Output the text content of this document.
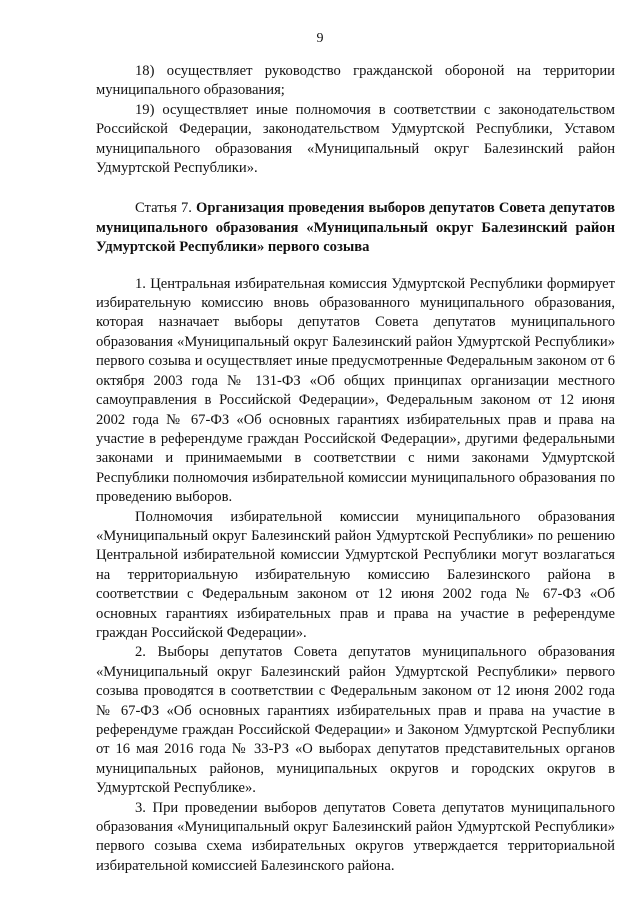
9

18) осуществляет руководство гражданской обороной на территории муниципального образования;

19) осуществляет иные полномочия в соответствии с законодательством Российской Федерации, законодательством Удмуртской Республики, Уставом муниципального образования «Муниципальный округ Балезинский район Удмуртской Республики».

Статья 7. Организация проведения выборов депутатов Совета депутатов муниципального образования «Муниципальный округ Балезинский район Удмуртской Республики» первого созыва

1. Центральная избирательная комиссия Удмуртской Республики формирует избирательную комиссию вновь образованного муниципального образования, которая назначает выборы депутатов Совета депутатов муниципального образования «Муниципальный округ Балезинский район Удмуртской Республики» первого созыва и осуществляет иные предусмотренные Федеральным законом от 6 октября 2003 года № 131-ФЗ «Об общих принципах организации местного самоуправления в Российской Федерации», Федеральным законом от 12 июня 2002 года № 67-ФЗ «Об основных гарантиях избирательных прав и права на участие в референдуме граждан Российской Федерации», другими федеральными законами и принимаемыми в соответствии с ними законами Удмуртской Республики полномочия избирательной комиссии муниципального образования по проведению выборов.

Полномочия избирательной комиссии муниципального образования «Муниципальный округ Балезинский район Удмуртской Республики» по решению Центральной избирательной комиссии Удмуртской Республики могут возлагаться на территориальную избирательную комиссию Балезинского района в соответствии с Федеральным законом от 12 июня 2002 года № 67-ФЗ «Об основных гарантиях избирательных прав и права на участие в референдуме граждан Российской Федерации».

2. Выборы депутатов Совета депутатов муниципального образования «Муниципальный округ Балезинский район Удмуртской Республики» первого созыва проводятся в соответствии с Федеральным законом от 12 июня 2002 года № 67-ФЗ «Об основных гарантиях избирательных прав и права на участие в референдуме граждан Российской Федерации» и Законом Удмуртской Республики от 16 мая 2016 года № 33-РЗ «О выборах депутатов представительных органов муниципальных районов, муниципальных округов и городских округов в Удмуртской Республике».

3. При проведении выборов депутатов Совета депутатов муниципального образования «Муниципальный округ Балезинский район Удмуртской Республики» первого созыва схема избирательных округов утверждается территориальной избирательной комиссией Балезинского района.
